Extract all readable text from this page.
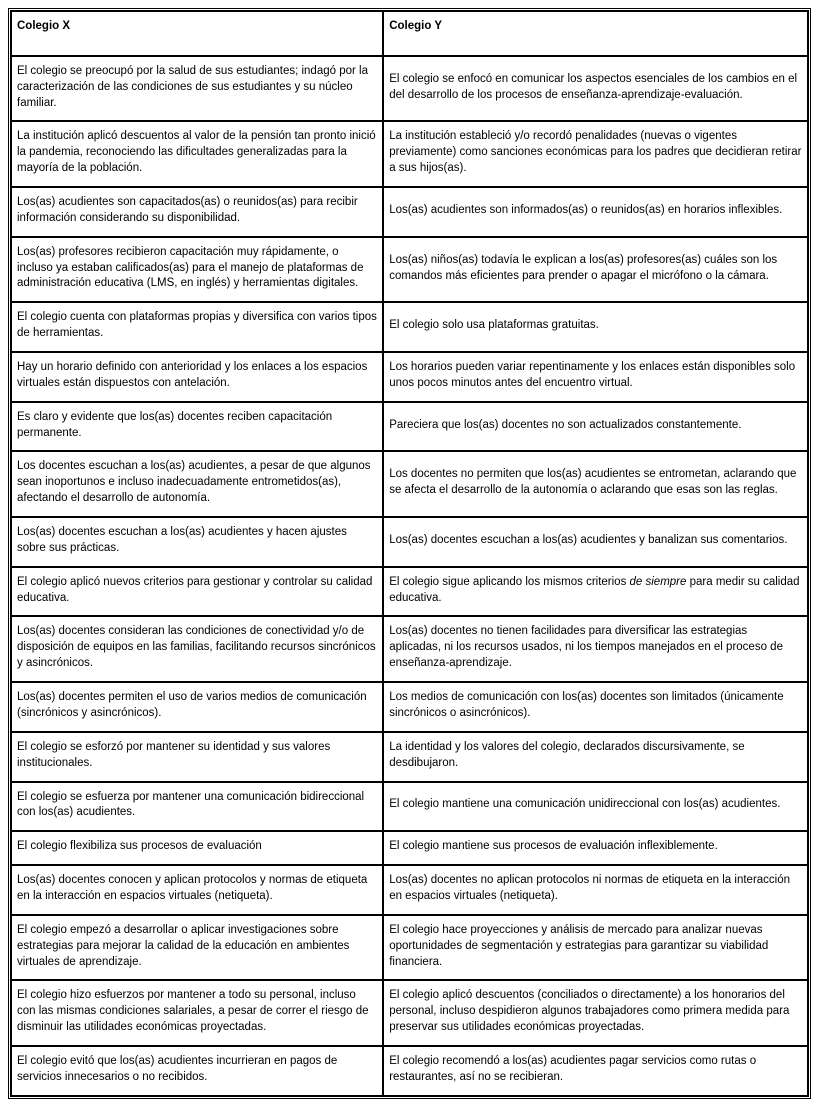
Colegio X	Colegio Y
El colegio se preocupó por la salud de sus estudiantes; indagó por la caracterización de las condiciones de sus estudiantes y su núcleo familiar.	El colegio se enfocó en comunicar los aspectos esenciales de los cambios en el del desarrollo de los procesos de enseñanza-aprendizaje-evaluación.
La institución aplicó descuentos al valor de la pensión tan pronto inició la pandemia, reconociendo las dificultades generalizadas para la mayoría de la población.	La institución estableció y/o recordó penalidades (nuevas o vigentes previamente) como sanciones económicas para los padres que decidieran retirar a sus hijos(as).
Los(as) acudientes son capacitados(as) o reunidos(as) para recibir información considerando su disponibilidad.	Los(as) acudientes son informados(as) o reunidos(as) en horarios inflexibles.
Los(as) profesores recibieron capacitación muy rápidamente, o incluso ya estaban calificados(as) para el manejo de plataformas de administración educativa (LMS, en inglés) y herramientas digitales.	Los(as) niños(as) todavía le explican a los(as) profesores(as) cuáles son los comandos más eficientes para prender o apagar el micrófono o la cámara.
El colegio cuenta con plataformas propias y diversifica con varios tipos de herramientas.	El colegio solo usa plataformas gratuitas.
Hay un horario definido con anterioridad y los enlaces a los espacios virtuales están dispuestos con antelación.	Los horarios pueden variar repentinamente y los enlaces están disponibles solo unos pocos minutos antes del encuentro virtual.
Es claro y evidente que los(as) docentes reciben capacitación permanente.	Pareciera que los(as) docentes no son actualizados constantemente.
Los docentes escuchan a los(as) acudientes, a pesar de que algunos sean inoportunos e incluso inadecuadamente entrometidos(as), afectando el desarrollo de autonomía.	Los docentes no permiten que los(as) acudientes se entrometan, aclarando que se afecta el desarrollo de la autonomía o aclarando que esas son las reglas.
Los(as) docentes escuchan a los(as) acudientes y hacen ajustes sobre sus prácticas.	Los(as) docentes escuchan a los(as) acudientes y banalizan sus comentarios.
El colegio aplicó nuevos criterios para gestionar y controlar su calidad educativa.	El colegio sigue aplicando los mismos criterios de siempre para medir su calidad educativa.
Los(as) docentes consideran las condiciones de conectividad y/o de disposición de equipos en las familias, facilitando recursos sincrónicos y asincrónicos.	Los(as) docentes no tienen facilidades para diversificar las estrategias aplicadas, ni los recursos usados, ni los tiempos manejados en el proceso de enseñanza-aprendizaje.
Los(as) docentes permiten el uso de varios medios de comunicación (sincrónicos y asincrónicos).	Los medios de comunicación con los(as) docentes son limitados (únicamente sincrónicos o asincrónicos).
El colegio se esforzó por mantener su identidad y sus valores institucionales.	La identidad y los valores del colegio, declarados discursivamente, se desdibujaron.
El colegio se esfuerza por mantener una comunicación bidireccional con los(as) acudientes.	El colegio mantiene una comunicación unidireccional con los(as) acudientes.
El colegio flexibiliza sus procesos de evaluación	El colegio mantiene sus procesos de evaluación inflexiblemente.
Los(as) docentes conocen y aplican protocolos y normas de etiqueta en la interacción en espacios virtuales (netiqueta).	Los(as) docentes no aplican protocolos ni normas de etiqueta en la interacción en espacios virtuales (netiqueta).
El colegio empezó a desarrollar o aplicar investigaciones sobre estrategias para mejorar la calidad de la educación en ambientes virtuales de aprendizaje.	El colegio hace proyecciones y análisis de mercado para analizar nuevas oportunidades de segmentación y estrategias para garantizar su viabilidad financiera.
El colegio hizo esfuerzos por mantener a todo su personal, incluso con las mismas condiciones salariales, a pesar de correr el riesgo de disminuir las utilidades económicas proyectadas.	El colegio aplicó descuentos (conciliados o directamente) a los honorarios del personal, incluso despidieron algunos trabajadores como primera medida para preservar sus utilidades económicas proyectadas.
El colegio evitó que los(as) acudientes incurrieran en pagos de servicios innecesarios o no recibidos.	El colegio recomendó a los(as) acudientes pagar servicios como rutas o restaurantes, así no se recibieran.
